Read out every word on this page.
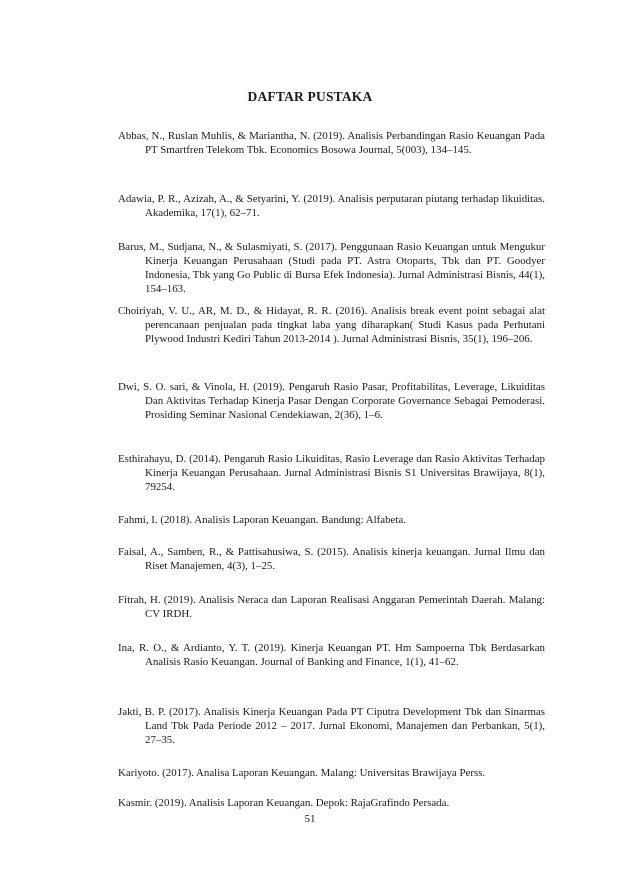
DAFTAR PUSTAKA
Abbas, N., Ruslan Muhlis, & Mariantha, N. (2019). Analisis Perbandingan Rasio Keuangan Pada PT Smartfren Telekom Tbk. Economics Bosowa Journal, 5(003), 134–145.
Adawia, P. R., Azizah, A., & Setyarini, Y. (2019). Analisis perputaran piutang terhadap likuiditas. Akademika, 17(1), 62–71.
Barus, M., Sudjana, N., & Sulasmiyati, S. (2017). Penggunaan Rasio Keuangan untuk Mengukur Kinerja Keuangan Perusahaan (Studi pada PT. Astra Otoparts, Tbk dan PT. Goodyer Indonesia, Tbk yang Go Public di Bursa Efek Indonesia). Jurnal Administrasi Bisnis, 44(1), 154–163.
Choiriyah, V. U., AR, M. D., & Hidayat, R. R. (2016). Analisis break event point sebagai alat perencanaan penjualan pada tingkat laba yang diharapkan( Studi Kasus pada Perhutani Plywood Industri Kediri Tahun 2013-2014 ). Jurnal Administrasi Bisnis, 35(1), 196–206.
Dwi, S. O. sari, & Vinola, H. (2019). Pengaruh Rasio Pasar, Profitabilitas, Leverage, Likuiditas Dan Aktivitas Terhadap Kinerja Pasar Dengan Corporate Governance Sebagai Pemoderasi. Prosiding Seminar Nasional Cendekiawan, 2(36), 1–6.
Esthirahayu, D. (2014). Pengaruh Rasio Likuiditas, Rasio Leverage dan Rasio Aktivitas Terhadap Kinerja Keuangan Perusahaan. Jurnal Administrasi Bisnis S1 Universitas Brawijaya, 8(1), 79254.
Fahmi, I. (2018). Analisis Laporan Keuangan. Bandung: Alfabeta.
Faisal, A., Samben, R., & Pattisahusiwa, S. (2015). Analisis kinerja keuangan. Jurnal Ilmu dan Riset Manajemen, 4(3), 1–25.
Fitrah, H. (2019). Analisis Neraca dan Laporan Realisasi Anggaran Pemerintah Daerah. Malang: CV IRDH.
Ina, R. O., & Ardianto, Y. T. (2019). Kinerja Keuangan PT. Hm Sampoerna Tbk Berdasarkan Analisis Rasio Keuangan. Journal of Banking and Finance, 1(1), 41–62.
Jakti, B. P. (2017). Analisis Kinerja Keuangan Pada PT Ciputra Development Tbk dan Sinarmas Land Tbk Pada Periode 2012 – 2017. Jurnal Ekonomi, Manajemen dan Perbankan, 5(1), 27–35.
Kariyoto. (2017). Analisa Laporan Keuangan. Malang: Universitas Brawijaya Perss.
Kasmir. (2019). Analisis Laporan Keuangan. Depok: RajaGrafindo Persada.
51
